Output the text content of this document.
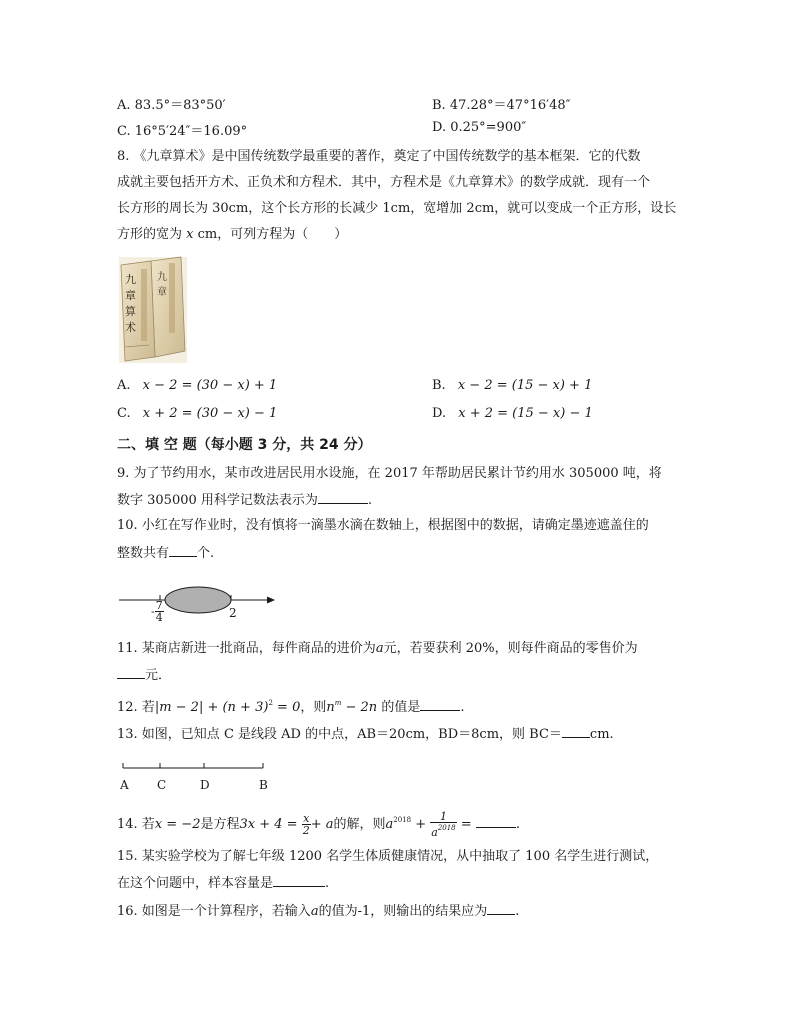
A. 83.5°＝83°50′	B. 47.28°＝47°16′48″
C. 16°5′24″＝16.09°	D. 0.25°=900″
8. 《九章算术》是中国传统数学最重要的著作，奠定了中国传统数学的基本框架．它的代数
成就主要包括开方术、正负术和方程术．其中，方程术是《九章算术》的数学成就．现有一个
长方形的周长为 30cm，这个长方形的长减少 1cm，宽增加 2cm，就可以变成一个正方形，设长
方形的宽为 x cm，可列方程为（　　）
九
章
九
章
算
术
A. x − 2 = (30 − x) + 1	B. x − 2 = (15 − x) + 1
C. x + 2 = (30 − x) − 1	D. x + 2 = (15 − x) − 1
二、填 空 题（每小题 3 分，共 24 分）
9. 为了节约用水，某市改进居民用水设施，在 2017 年帮助居民累计节约用水 305000 吨，将
数字 305000 用科学记数法表示为	.
10. 小红在写作业时，没有慎将一滴墨水滴在数轴上，根据图中的数据，请确定墨迹遮盖住的
整数共有 个.
- $\frac{7}{4}$	2
11. 某商店新进一批商品，每件商品的进价为a元，若要获利 20%，则每件商品的零售价为
元．
12. 若$|m - 2| + (n + 3)^2 = 0$，则$n^m - 2n$ 的值是	.
13. 如图，已知点 C 是线段 AD 的中点，AB＝20cm，BD＝8cm，则 BC＝ cm.
A C	D	B
14. 若x = −2是方程$3x + 4 = \frac{x}{2} + a$的解，则$a^{2018} + \frac{1}{a^{2018}}$ =	.
15. 某实验学校为了解七年级 1200 名学生体质健康情况，从中抽取了 100 名学生进行测试，
在这个问题中，样本容量是	.
16. 如图是一个计算程序，若输入a的值为-1，则输出的结果应为 .
